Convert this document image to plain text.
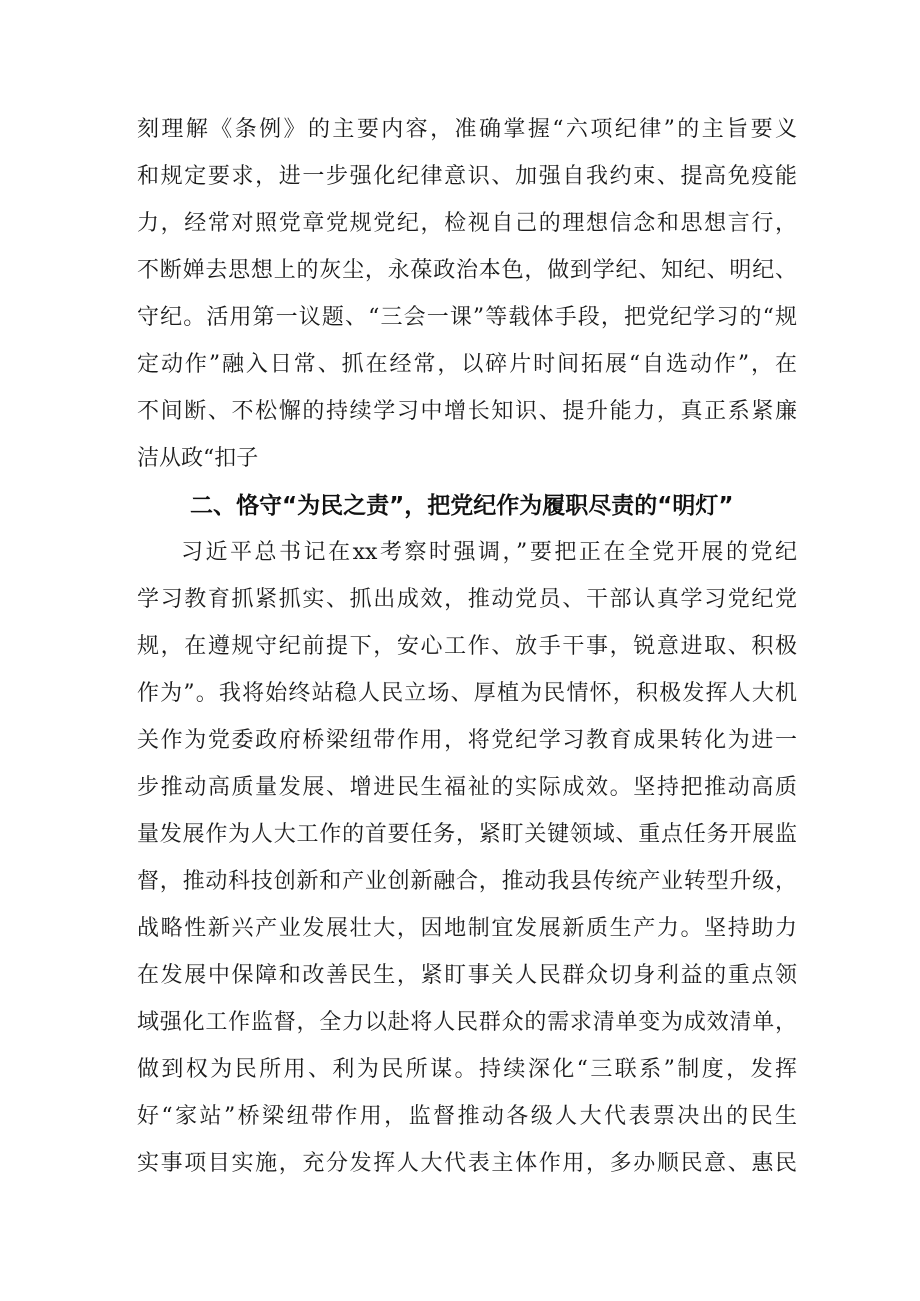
刻理解《条例》的主要内容，准确掌握“六项纪律”的主旨要义
和规定要求，进一步强化纪律意识、加强自我约束、提高免疫能
力，经常对照党章党规党纪，检视自己的理想信念和思想言行，
不断婵去思想上的灰尘，永葆政治本色，做到学纪、知纪、明纪、
守纪。活用第一议题、“三会一课”等载体手段，把党纪学习的“规
定动作”融入日常、抓在经常，以碎片时间拓展“自选动作”，在
不间断、不松懈的持续学习中增长知识、提升能力，真正系紧廉
洁从政“扣子
二、恪守“为民之责”，把党纪作为履职尽责的“明灯”
习近平总书记在xx考察时强调，”要把正在全党开展的党纪
学习教育抓紧抓实、抓出成效，推动党员、干部认真学习党纪党
规，在遵规守纪前提下，安心工作、放手干事，锐意进取、积极
作为”。我将始终站稳人民立场、厚植为民情怀，积极发挥人大机
关作为党委政府桥梁纽带作用，将党纪学习教育成果转化为进一
步推动高质量发展、增进民生福祉的实际成效。坚持把推动高质
量发展作为人大工作的首要任务，紧盯关键领域、重点任务开展监
督，推动科技创新和产业创新融合，推动我县传统产业转型升级，
战略性新兴产业发展壮大，因地制宜发展新质生产力。坚持助力
在发展中保障和改善民生，紧盯事关人民群众切身利益的重点领
域强化工作监督，全力以赴将人民群众的需求清单变为成效清单，
做到权为民所用、利为民所谋。持续深化“三联系”制度，发挥
好“家站”桥梁纽带作用，监督推动各级人大代表票决出的民生
实事项目实施，充分发挥人大代表主体作用，多办顺民意、惠民
